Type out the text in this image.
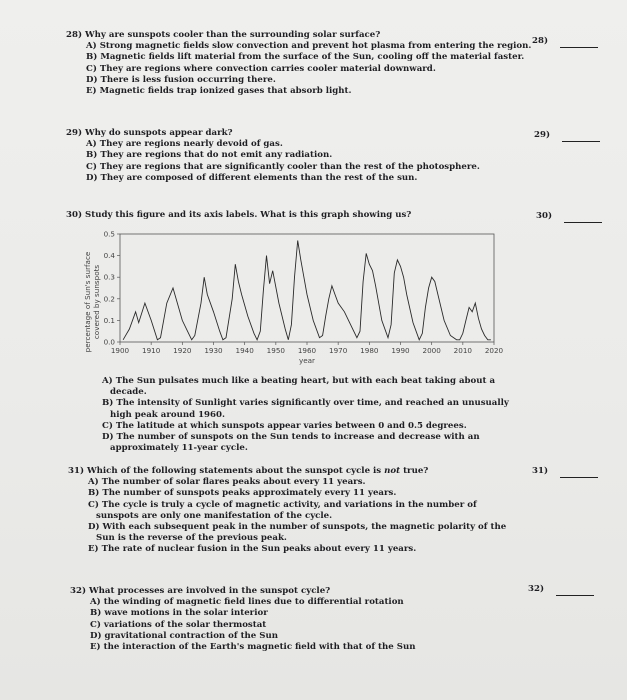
28) Why are sunspots cooler than the surrounding solar surface?
A) Strong magnetic fields slow convection and prevent hot plasma from entering the region.
B) Magnetic fields lift material from the surface of the Sun, cooling off the material faster.
C) They are regions where convection carries cooler material downward.
D) There is less fusion occurring there.
E) Magnetic fields trap ionized gases that absorb light.
28)
29) Why do sunspots appear dark?
A) They are regions nearly devoid of gas.
B) They are regions that do not emit any radiation.
C) They are regions that are significantly cooler than the rest of the photosphere.
D) They are composed of different elements than the rest of the sun.
29)
30) Study this figure and its axis labels. What is this graph showing us?	30)
percentage of Sun's surface covered by sunspots
0.0
0.1
0.2
0.3
0.4
0.5
1900 1910 1920 1930 1940 1950 1960 1970 1980 1990 2000 2010 2020
year
A) The Sun pulsates much like a beating heart, but with each beat taking about a decade.
B) The intensity of Sunlight varies significantly over time, and reached an unusually high peak around 1960.
C) The latitude at which sunspots appear varies between 0 and 0.5 degrees.
D) The number of sunspots on the Sun tends to increase and decrease with an approximately 11-year cycle.
31) Which of the following statements about the sunspot cycle is not true?
A) The number of solar flares peaks about every 11 years.
B) The number of sunspots peaks approximately every 11 years.
C) The cycle is truly a cycle of magnetic activity, and variations in the number of sunspots are only one manifestation of the cycle.
D) With each subsequent peak in the number of sunspots, the magnetic polarity of the Sun is the reverse of the previous peak.
E) The rate of nuclear fusion in the Sun peaks about every 11 years.
31)
32) What processes are involved in the sunspot cycle?
A) the winding of magnetic field lines due to differential rotation
B) wave motions in the solar interior
C) variations of the solar thermostat
D) gravitational contraction of the Sun
E) the interaction of the Earth's magnetic field with that of the Sun
32)
